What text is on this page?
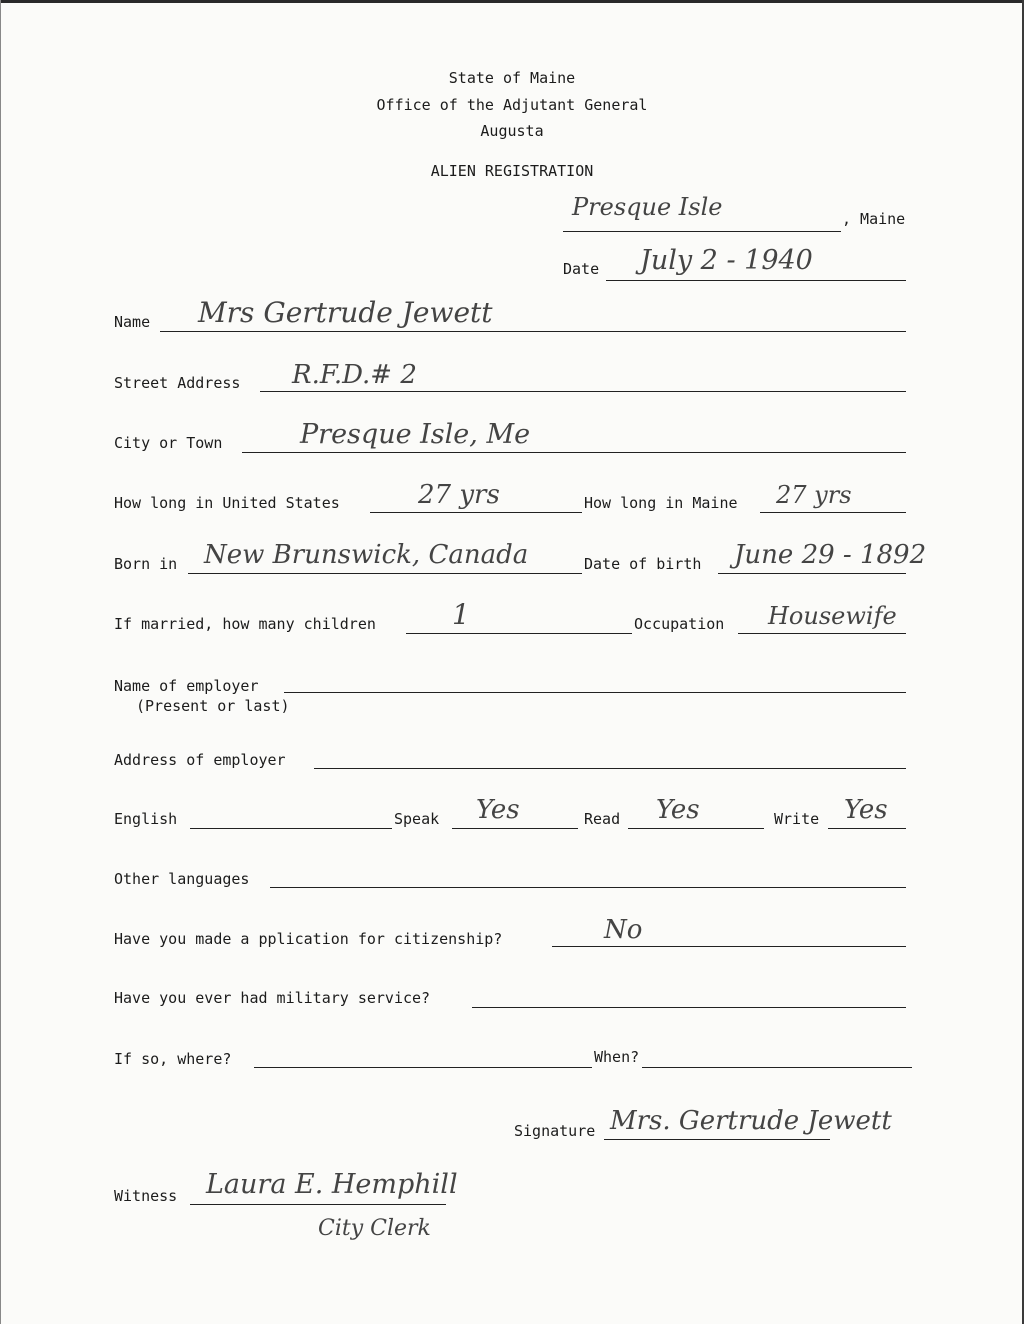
State of Maine
Office of the Adjutant General
Augusta
ALIEN REGISTRATION
Presque Isle	, Maine
Date July 2 - 1940
Name Mrs Gertrude Jewett
Street Address R.F.D.# 2
City or Town	Presque Isle, Me
How long in United States	27 yrs	How long in Maine 27 yrs
Born in New Brunswick, Canada	Date of birth June 29 - 1892
If married, how many children	1	Occupation Housewife
Name of employer
(Present or last)
Address of employer
English	Speak Yes	Read Yes	Write Yes
Other languages
Have you made a pplication for citizenship?	No
Have you ever had military service?
If so, where?	When?
Signature Mrs. Gertrude Jewett
Witness Laura E. Hemphill
City Clerk
